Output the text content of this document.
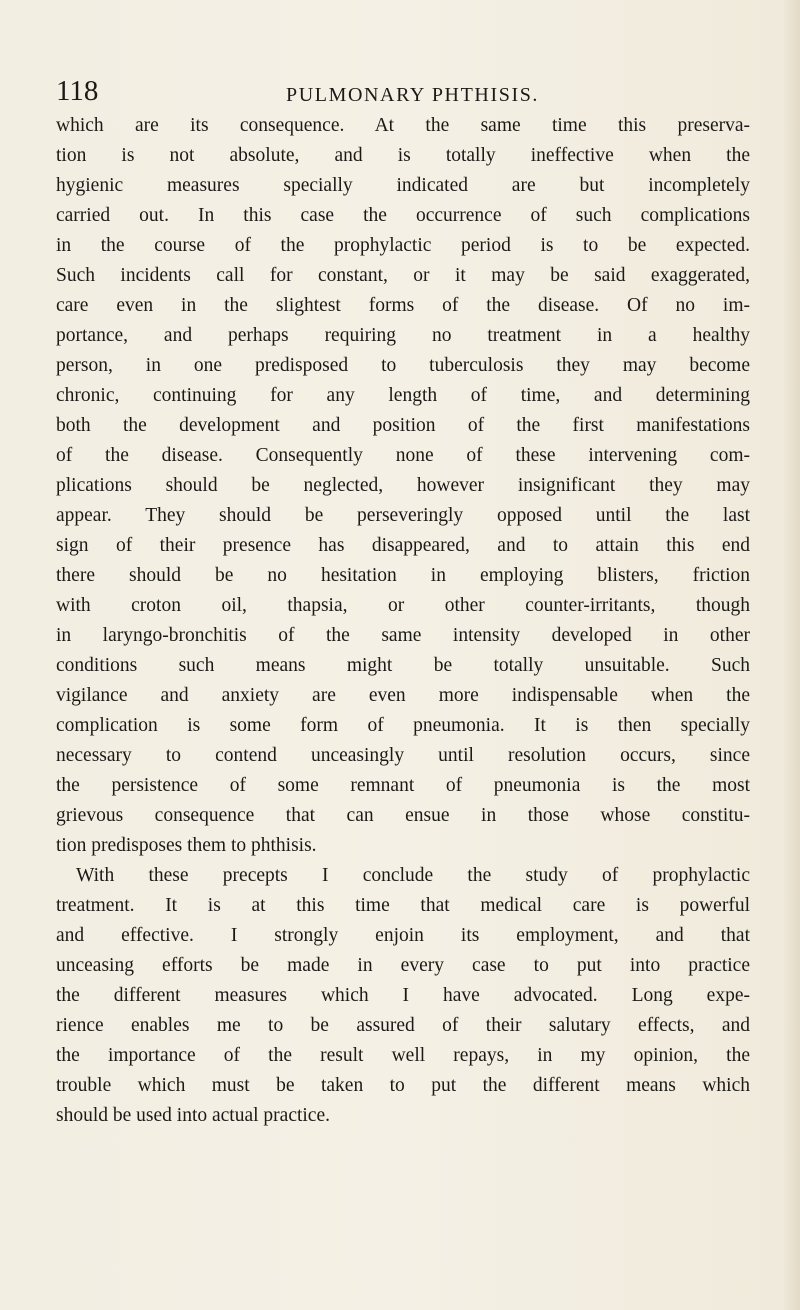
118	PULMONARY PHTHISIS.
which are its consequence. At the same time this preserva-
tion is not absolute, and is totally ineffective when the
hygienic measures specially indicated are but incompletely
carried out. In this case the occurrence of such complications
in the course of the prophylactic period is to be expected.
Such incidents call for constant, or it may be said exaggerated,
care even in the slightest forms of the disease. Of no im-
portance, and perhaps requiring no treatment in a healthy
person, in one predisposed to tuberculosis they may become
chronic, continuing for any length of time, and determining
both the development and position of the first manifestations
of the disease. Consequently none of these intervening com-
plications should be neglected, however insignificant they may
appear. They should be perseveringly opposed until the last
sign of their presence has disappeared, and to attain this end
there should be no hesitation in employing blisters, friction
with croton oil, thapsia, or other counter-irritants, though
in laryngo-bronchitis of the same intensity developed in other
conditions such means might be totally unsuitable. Such
vigilance and anxiety are even more indispensable when the
complication is some form of pneumonia. It is then specially
necessary to contend unceasingly until resolution occurs, since
the persistence of some remnant of pneumonia is the most
grievous consequence that can ensue in those whose constitu-
tion predisposes them to phthisis.
With these precepts I conclude the study of prophylactic
treatment. It is at this time that medical care is powerful
and effective. I strongly enjoin its employment, and that
unceasing efforts be made in every case to put into practice
the different measures which I have advocated. Long expe-
rience enables me to be assured of their salutary effects, and
the importance of the result well repays, in my opinion, the
trouble which must be taken to put the different means which
should be used into actual practice.
